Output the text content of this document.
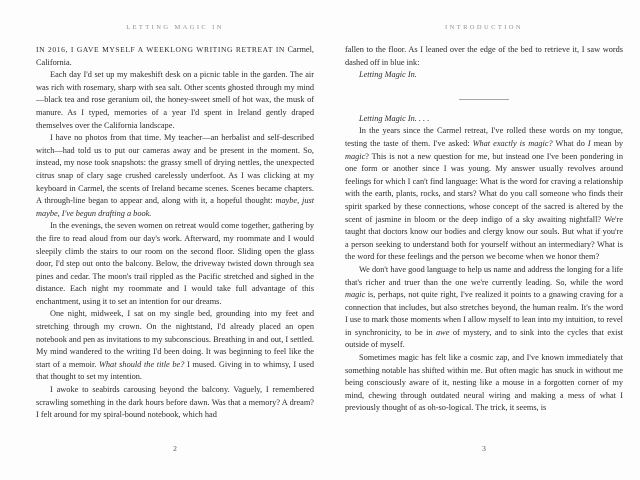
LETTING MAGIC IN

IN 2016, I GAVE MYSELF A WEEKLONG WRITING RETREAT IN Carmel, California.

Each day I'd set up my makeshift desk on a picnic table in the garden. The air was rich with rosemary, sharp with sea salt. Other scents ghosted through my mind—black tea and rose geranium oil, the honey-sweet smell of hot wax, the musk of manure. As I typed, memories of a year I'd spent in Ireland gently draped themselves over the California landscape.

I have no photos from that time. My teacher—an herbalist and self-described witch—had told us to put our cameras away and be present in the moment. So, instead, my nose took snapshots: the grassy smell of drying nettles, the unexpected citrus snap of clary sage crushed carelessly underfoot. As I was clicking at my keyboard in Carmel, the scents of Ireland became scenes. Scenes became chapters. A through-line began to appear and, along with it, a hopeful thought: maybe, just maybe, I've begun drafting a book.

In the evenings, the seven women on retreat would come together, gathering by the fire to read aloud from our day's work. Afterward, my roommate and I would sleepily climb the stairs to our room on the second floor. Sliding open the glass door, I'd step out onto the balcony. Below, the driveway twisted down through sea pines and cedar. The moon's trail rippled as the Pacific stretched and sighed in the distance. Each night my roommate and I would take full advantage of this enchantment, using it to set an intention for our dreams.

One night, midweek, I sat on my single bed, grounding into my feet and stretching through my crown. On the nightstand, I'd already placed an open notebook and pen as invitations to my subconscious. Breathing in and out, I settled. My mind wandered to the writing I'd been doing. It was beginning to feel like the start of a memoir. What should the title be? I mused. Giving in to whimsy, I used that thought to set my intention.

I awoke to seabirds carousing beyond the balcony. Vaguely, I remembered scrawling something in the dark hours before dawn. Was that a memory? A dream? I felt around for my spiral-bound notebook, which had

2
INTRODUCTION

fallen to the floor. As I leaned over the edge of the bed to retrieve it, I saw words dashed off in blue ink:

Letting Magic In.

Letting Magic In. . . .

In the years since the Carmel retreat, I've rolled these words on my tongue, testing the taste of them. I've asked: What exactly is magic? What do I mean by magic? This is not a new question for me, but instead one I've been pondering in one form or another since I was young. My answer usually revolves around feelings for which I can't find language: What is the word for craving a relationship with the earth, plants, rocks, and stars? What do you call someone who finds their spirit sparked by these connections, whose concept of the sacred is altered by the scent of jasmine in bloom or the deep indigo of a sky awaiting nightfall? We're taught that doctors know our bodies and clergy know our souls. But what if you're a person seeking to understand both for yourself without an intermediary? What is the word for these feelings and the person we become when we honor them?

We don't have good language to help us name and address the longing for a life that's richer and truer than the one we're currently leading. So, while the word magic is, perhaps, not quite right, I've realized it points to a gnawing craving for a connection that includes, but also stretches beyond, the human realm. It's the word I use to mark those moments when I allow myself to lean into my intuition, to revel in synchronicity, to be in awe of mystery, and to sink into the cycles that exist outside of myself.

Sometimes magic has felt like a cosmic zap, and I've known immediately that something notable has shifted within me. But often magic has snuck in without me being consciously aware of it, nesting like a mouse in a forgotten corner of my mind, chewing through outdated neural wiring and making a mess of what I previously thought of as oh-so-logical. The trick, it seems, is

3
